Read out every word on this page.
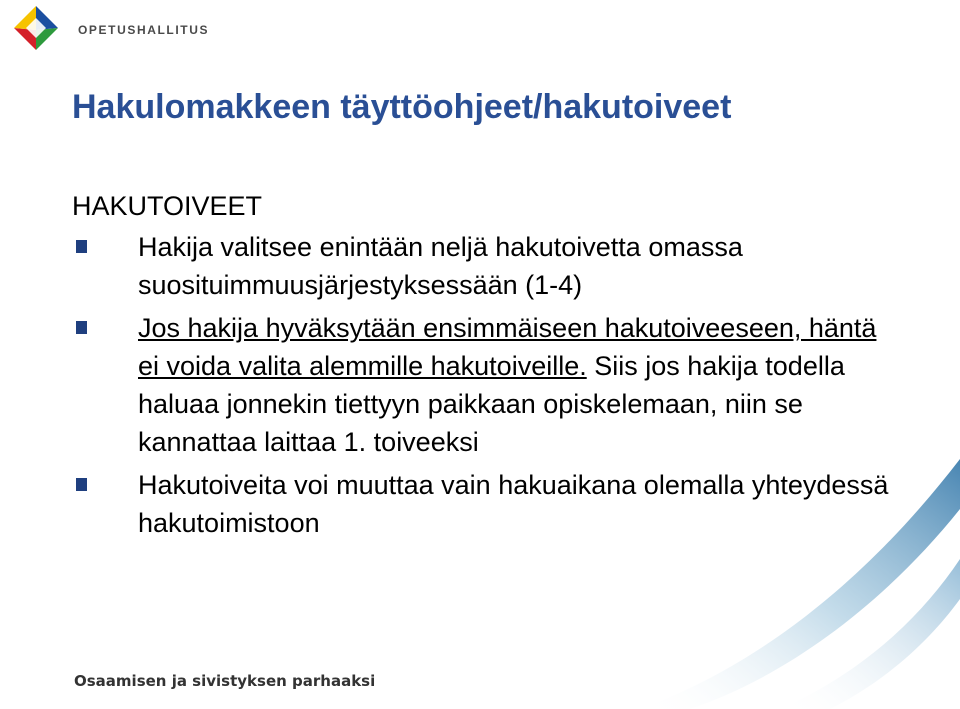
OPETUSHALLITUS
Hakulomakkeen täyttöohjeet/hakutoiveet
HAKUTOIVEET
Hakija valitsee enintään neljä hakutoivetta omassa suosituimmuusjärjestyksessään (1-4)
Jos hakija hyväksytään ensimmäiseen hakutoiveeseen, häntä ei voida valita alemmille hakutoiveille. Siis jos hakija todella haluaa jonnekin tiettyyn paikkaan opiskelemaan, niin se kannattaa laittaa 1. toiveeksi
Hakutoiveita voi muuttaa vain hakuaikana olemalla yhteydessä hakutoimistoon
Osaamisen ja sivistyksen parhaaksi
